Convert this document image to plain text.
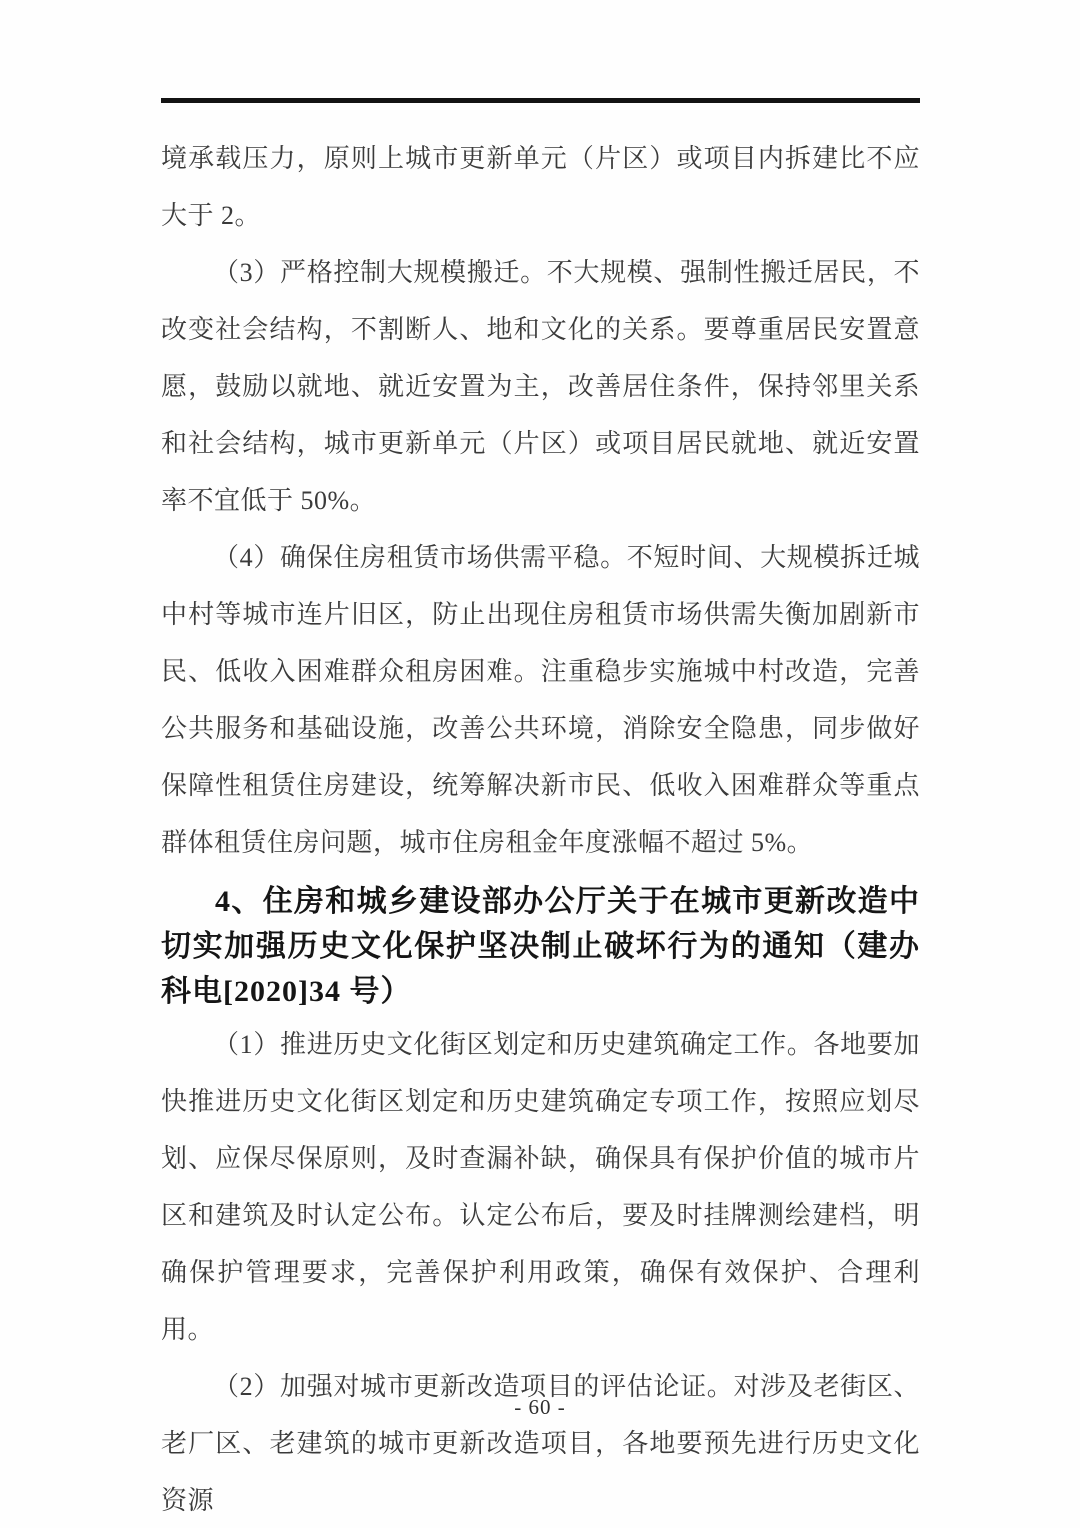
境承载压力，原则上城市更新单元（片区）或项目内拆建比不应大于 2。

（3）严格控制大规模搬迁。不大规模、强制性搬迁居民，不改变社会结构，不割断人、地和文化的关系。要尊重居民安置意愿，鼓励以就地、就近安置为主，改善居住条件，保持邻里关系和社会结构，城市更新单元（片区）或项目居民就地、就近安置率不宜低于 50%。

（4）确保住房租赁市场供需平稳。不短时间、大规模拆迁城中村等城市连片旧区，防止出现住房租赁市场供需失衡加剧新市民、低收入困难群众租房困难。注重稳步实施城中村改造，完善公共服务和基础设施，改善公共环境，消除安全隐患，同步做好保障性租赁住房建设，统筹解决新市民、低收入困难群众等重点群体租赁住房问题，城市住房租金年度涨幅不超过 5%。

4、住房和城乡建设部办公厅关于在城市更新改造中切实加强历史文化保护坚决制止破坏行为的通知（建办科电[2020]34 号）

（1）推进历史文化街区划定和历史建筑确定工作。各地要加快推进历史文化街区划定和历史建筑确定专项工作，按照应划尽划、应保尽保原则，及时查漏补缺，确保具有保护价值的城市片区和建筑及时认定公布。认定公布后，要及时挂牌测绘建档，明确保护管理要求，完善保护利用政策，确保有效保护、合理利用。

（2）加强对城市更新改造项目的评估论证。对涉及老街区、老厂区、老建筑的城市更新改造项目，各地要预先进行历史文化资源

- 60 -
